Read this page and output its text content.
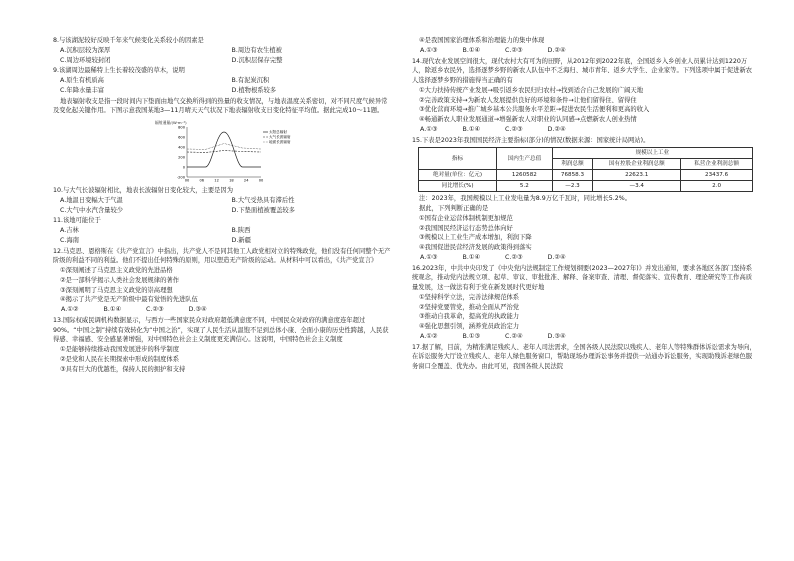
8.与该湖泥较好反映千年来气候变化关系较小的因素是

A.沉积层较为深厚	B.周边有农生植被
C.周边环境较封闭	D.沉积层保存完整

9.该湖周边最稀特上生长着较茂盛的草木，说明

A.原生有机质高	B.有泥炭沉积
C.年降水量丰富	D.植物根系较多

地表辐射收支是指一段时间内下垫面由地气交换所得到的热量的收支情况，与地表温度关系密切，对不同尺度气候异常及变化起关键作用。下图示意我国某地3—11月晴天天气状况下地表辐射收支日变化特征平均值。据此完成10～11题。

辐射通量/(W·m⁻²)
800
600
400
200
0
-200
00	06	12	18	24	00
太阳总辐射
大气长波辐射
地面长波辐射

10.与大气长波辐射相比，地表长波辐射日变化较大，主要是因为

A.地温日变幅大于气温	B.大气受热具有滞后性
C.大气中水汽含量较少	D.下垫面植被覆盖较多

11.该地可能位于

A.吉林	B.陕西
C.海南	D.新疆

12.马克思、恩格斯在《共产党宣言》中指出，共产党人不是同其他工人政党相对立的特殊政党，他们没有任何同整个无产阶级的利益不同的利益。他们不提出任何特殊的原则，用以塑造无产阶级的运动。从材料中可以看出，《共产党宣言》

①深刻阐述了马克思主义政党的先进品格

②是一部科学揭示人类社会发展规律的著作

③深刻阐明了马克思主义政党的崇高理想

④揭示了共产党是无产阶级中最有觉悟的先进队伍

A.①②	B.①④	C.②③	D.③④

13.国际权威民调机构数据显示，与西方一些国家民众对政府超低满意度不同，中国民众对政府的满意度连年超过90%。“中国之制”持续有效转化为“中国之治”，实现了人民生活从温饱不足到总体小康、全面小康的历史性跨越，人民获得感、幸福感、安全感显著增强，对中国特色社会主义制度更充满信心。这说明，中国特色社会主义制度

①是能够持续推动我国发展进步的科学制度

②是党和人民在长期探索中形成的制度体系

③具有巨大的优越性，保持人民的拥护和支持

④是我国国家治理体系和治理能力的集中体现

A.①③	B.①④	C.②③	D.②④

14.现代农业发展空间很大，现代农村大有可为的田野，从2012年到2022年底，全国返乡入乡创业人员累计达到1220万人，除返乡农民外，选择逐梦乡野的新农人队伍中不乏海归、城市青年、返乡大学生、企业家等。下列选项中属于促进新农人选择逐梦乡野的措施得当正确的有

①大力扶持传统产业发展→吸引返乡农民归归农村→找到适合自己发展的广阔天地

②完善政策支持→为新农人发展提供良好的环境和条件→让他们留得住、留得住

③优化营商环境→推广城乡基本公共服务水平差距→促进农民生活便利和更高的收入

④畅通新农人职业发展通道→增强新农人对职业的认同感→点燃新农人创业热情

A.①③	B.①④	C.②③	D.②④

15.下表是2023年我国国民经济主要指标(部分)的情况(数据来源：国家统计局网站)。

指标	国内生产总值	规模以上工业		
		利润总额	国有控股企业利润总额	私营企业利润总额
绝对量(单位：亿元)	1260582	76858.3	22623.1	23437.6
同比增长(%)	5.2	—2.3	—3.4	2.0

注：2023年，我国规模以上工业发电量为8.9万亿千瓦时，同比增长5.2%。

据此，下列判断正确的是

①国有企业运营体制机制更加规范

②我国国民经济运行态势总体向好

③规模以上工业生产成本增加，利润下降

④我国促进民营经济发展的政策得到落实

A.①③	B.①④	C.②③	D.②④

16.2023年，中共中央印发了《中央党内法规制定工作规划纲要(2023—2027年)》并发出通知，要求各地区各部门坚持系统观念，推动党内法规立项、起草、审议、审批批准、解释、备案审查、清理、督促落实、宣传教育、理论研究等工作高质量发展，这一做法有利于党在新发展时代更好地

①坚持科学立法，完善法律规范体系

②坚持党要管党，推动全面从严治党

③推动自我革命，提高党的执政能力

④强化思想引领，涵养党员政治定力

A.①②	B.①③	C.②④	D.③④

17.据了解，目前，为精准满足残疾人、老年人司法需求，全国各级人民法院以残疾人、老年人等特殊群体诉讼需求为导向，在诉讼服务大厅设立残疾人、老年人绿色服务窗口，帮助现场办理诉讼事务并提供一站通办诉讼服务，实现助残诉老绿色服务窗口全覆盖、优先办。由此可见，我国各级人民法院
